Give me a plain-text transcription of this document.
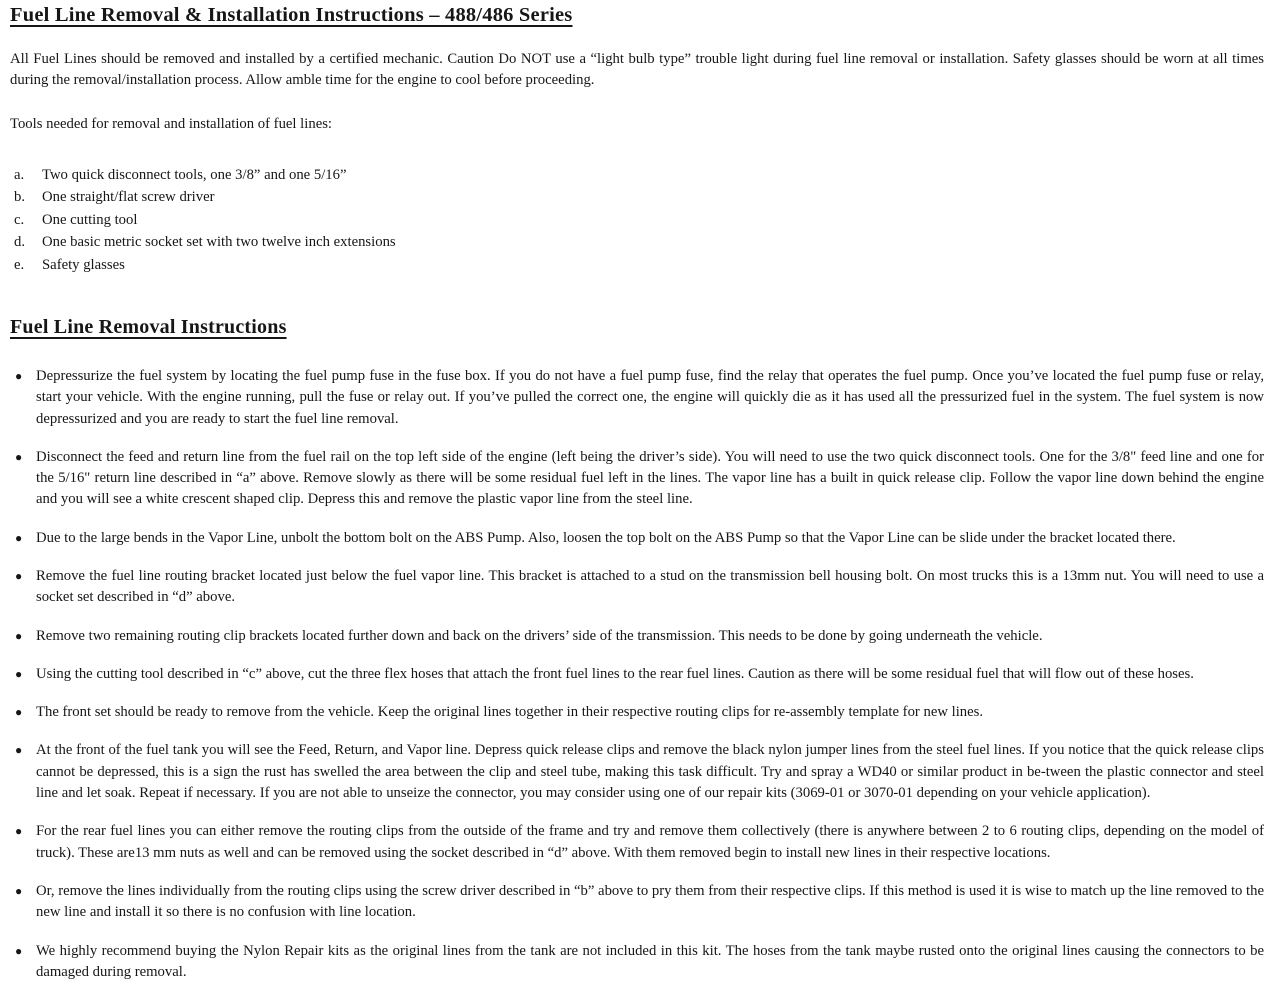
Fuel Line Removal & Installation Instructions – 488/486 Series

All Fuel Lines should be removed and installed by a certified mechanic. Caution Do NOT use a “light bulb type” trouble light during fuel line removal or installation. Safety glasses should be worn at all times during the removal/installation process. Allow amble time for the engine to cool before proceeding.

Tools needed for removal and installation of fuel lines:

a.	Two quick disconnect tools, one 3/8” and one 5/16”
b.	One straight/flat screw driver
c.	One cutting tool
d.	One basic metric socket set with two twelve inch extensions
e.	Safety glasses
Fuel Line Removal Instructions
● Depressurize the fuel system by locating the fuel pump fuse in the fuse box. If you do not have a fuel pump fuse, find the relay that operates the fuel pump. Once you’ve located the fuel pump fuse or relay, start your vehicle. With the engine running, pull the fuse or relay out. If you’ve pulled the correct one, the engine will quickly die as it has used all the pressurized fuel in the system. The fuel system is now depressurized and you are ready to start the fuel line removal.
● Disconnect the feed and return line from the fuel rail on the top left side of the engine (left being the driver’s side). You will need to use the two quick disconnect tools. One for the 3/8" feed line and one for the 5/16" return line described in “a” above. Remove slowly as there will be some residual fuel left in the lines. The vapor line has a built in quick release clip. Follow the vapor line down behind the engine and you will see a white crescent shaped clip. Depress this and remove the plastic vapor line from the steel line.
● Due to the large bends in the Vapor Line, unbolt the bottom bolt on the ABS Pump. Also, loosen the top bolt on the ABS Pump so that the Vapor Line can be slide under the bracket located there.
● Remove the fuel line routing bracket located just below the fuel vapor line. This bracket is attached to a stud on the transmission bell housing bolt. On most trucks this is a 13mm nut. You will need to use a socket set described in “d” above.
● Remove two remaining routing clip brackets located further down and back on the drivers’ side of the transmission. This needs to be done by going underneath the vehicle.
● Using the cutting tool described in “c” above, cut the three flex hoses that attach the front fuel lines to the rear fuel lines. Caution as there will be some residual fuel that will flow out of these hoses.
● The front set should be ready to remove from the vehicle. Keep the original lines together in their respective routing clips for re-assembly template for new lines.
● At the front of the fuel tank you will see the Feed, Return, and Vapor line. Depress quick release clips and remove the black nylon jumper lines from the steel fuel lines. If you notice that the quick release clips cannot be depressed, this is a sign the rust has swelled the area between the clip and steel tube, making this task difficult. Try and spray a WD40 or similar product in be-tween the plastic connector and steel line and let soak. Repeat if necessary. If you are not able to unseize the connector, you may consider using one of our repair kits (3069-01 or 3070-01 depending on your vehicle application).
● For the rear fuel lines you can either remove the routing clips from the outside of the frame and try and remove them collectively (there is anywhere between 2 to 6 routing clips, depending on the model of truck). These are13 mm nuts as well and can be removed using the socket described in “d” above. With them removed begin to install new lines in their respective locations.
● Or, remove the lines individually from the routing clips using the screw driver described in “b” above to pry them from their respective clips. If this method is used it is wise to match up the line removed to the new line and install it so there is no confusion with line location.
● We highly recommend buying the Nylon Repair kits as the original lines from the tank are not included in this kit. The hoses from the tank maybe rusted onto the original lines causing the connectors to be damaged during removal.
